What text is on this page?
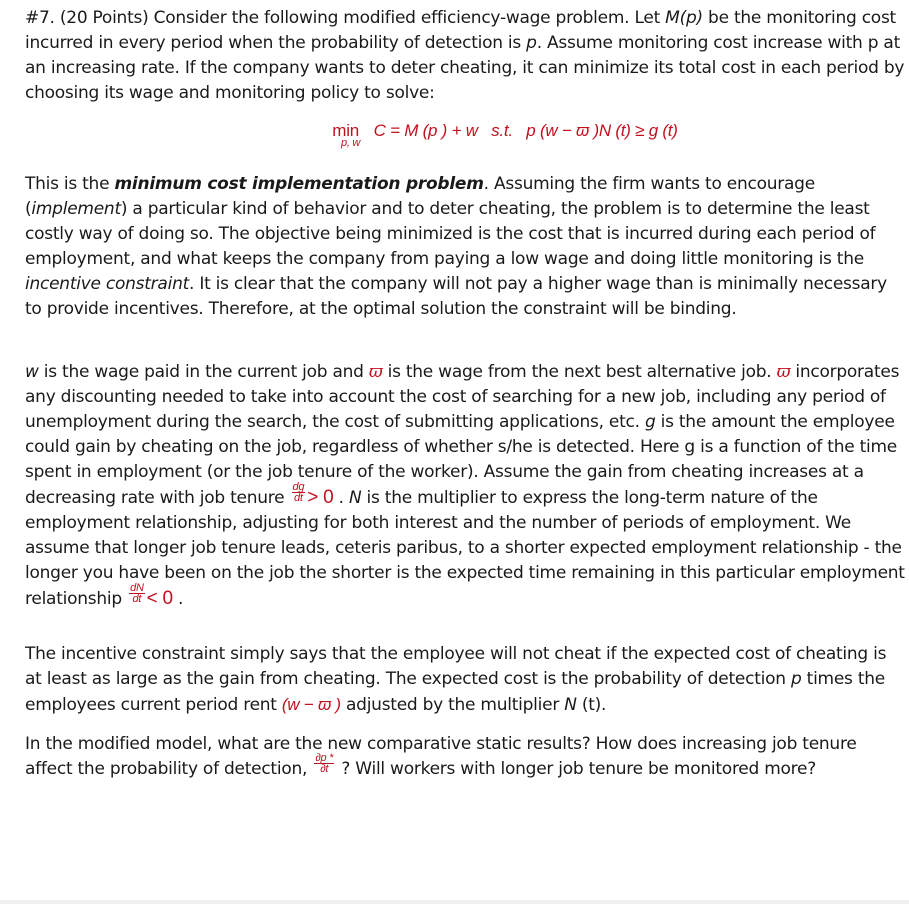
#7. (20 Points) Consider the following modified efficiency-wage problem. Let M(p) be the monitoring cost incurred in every period when the probability of detection is p. Assume monitoring cost increase with p at an increasing rate. If the company wants to deter cheating, it can minimize its total cost in each period by choosing its wage and monitoring policy to solve:

minp, w   C = M (p ) + w s.t. p (w − ϖ )N (t) ≥ g (t)

This is the minimum cost implementation problem. Assuming the firm wants to encourage (implement) a particular kind of behavior and to deter cheating, the problem is to determine the least costly way of doing so. The objective being minimized is the cost that is incurred during each period of employment, and what keeps the company from paying a low wage and doing little monitoring is the incentive constraint. It is clear that the company will not pay a higher wage than is minimally necessary to provide incentives. Therefore, at the optimal solution the constraint will be binding.

w is the wage paid in the current job and ϖ is the wage from the next best alternative job. ϖ incorporates any discounting needed to take into account the cost of searching for a new job, including any period of unemployment during the search, the cost of submitting applications, etc. g is the amount the employee could gain by cheating on the job, regardless of whether s/he is detected. Here g is a function of the time spent in employment (or the job tenure of the worker). Assume the gain from cheating increases at a decreasing rate with job tenure $\frac{dg}{dt} > 0$ . N is the multiplier to express the long-term nature of the employment relationship, adjusting for both interest and the number of periods of employment. We assume that longer job tenure leads, ceteris paribus, to a shorter expected employment relationship - the longer you have been on the job the shorter is the expected time remaining in this particular employment relationship $\frac{dN}{dt} < 0$ .

The incentive constraint simply says that the employee will not cheat if the expected cost of cheating is at least as large as the gain from cheating. The expected cost is the probability of detection p times the employees current period rent (w − ϖ ) adjusted by the multiplier N (t).

In the modified model, what are the new comparative static results? How does increasing job tenure affect the probability of detection, $\frac{\partial p *}{\partial t}$ ? Will workers with longer job tenure be monitored more?
